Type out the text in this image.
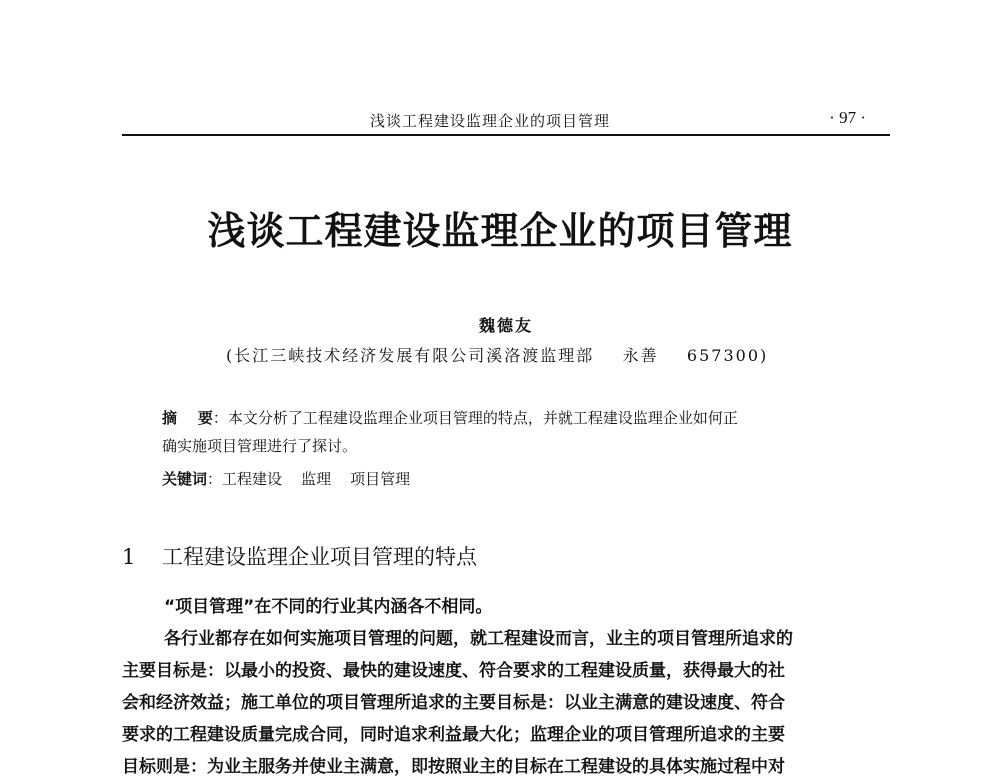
浅谈工程建设监理企业的项目管理	· 97 ·
浅谈工程建设监理企业的项目管理
魏德友
(长江三峡技术经济发展有限公司溪洛渡监理部    永善    657300)
摘    要：本文分析了工程建设监理企业项目管理的特点，并就工程建设监理企业如何正
确实施项目管理进行了探讨。
关键词：工程建设    监理    项目管理
1    工程建设监理企业项目管理的特点
“项目管理”在不同的行业其内涵各不相同。
各行业都存在如何实施项目管理的问题，就工程建设而言，业主的项目管理所追求的
主要目标是：以最小的投资、最快的建设速度、符合要求的工程建设质量，获得最大的社
会和经济效益；施工单位的项目管理所追求的主要目标是：以业主满意的建设速度、符合
要求的工程建设质量完成合同，同时追求利益最大化；监理企业的项目管理所追求的主要
目标则是：为业主服务并使业主满意，即按照业主的目标在工程建设的具体实施过程中对
